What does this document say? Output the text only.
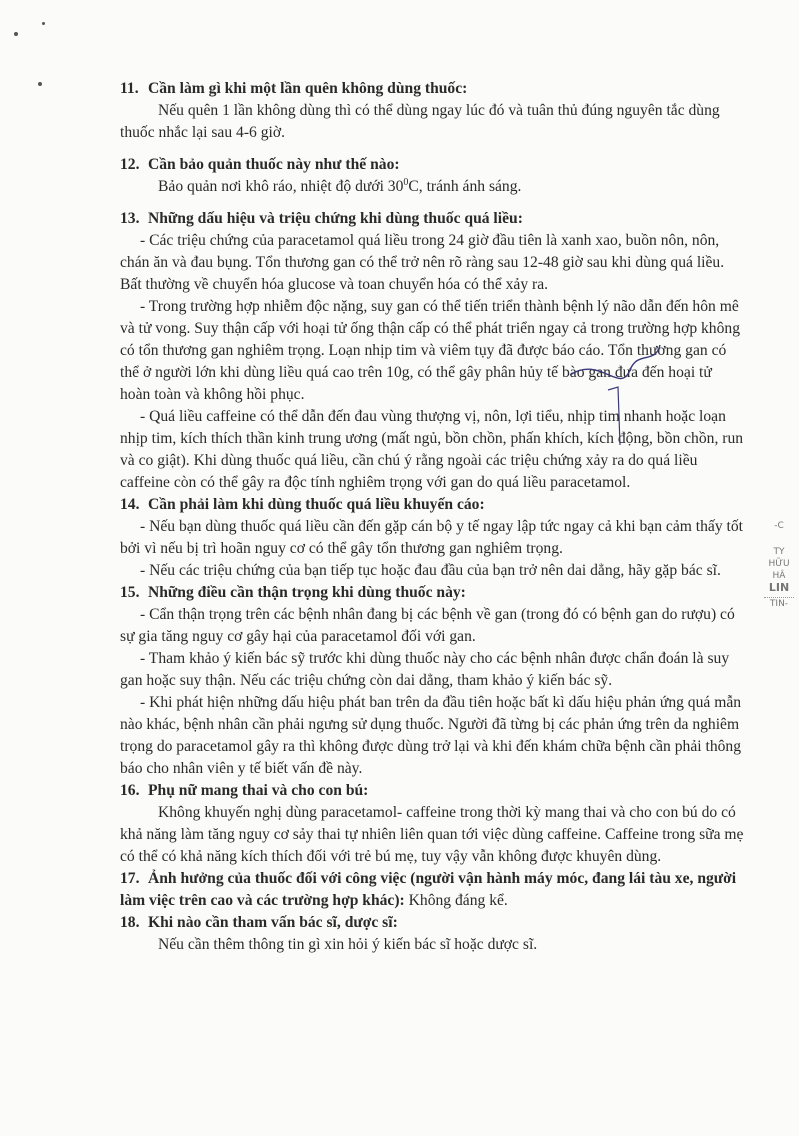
11. Cần làm gì khi một lần quên không dùng thuốc:

Nếu quên 1 lần không dùng thì có thể dùng ngay lúc đó và tuân thủ đúng nguyên tắc dùng thuốc nhắc lại sau 4-6 giờ.

12. Cần bảo quản thuốc này như thế nào:

Bảo quản nơi khô ráo, nhiệt độ dưới $30^0C$, tránh ánh sáng.

13. Những dấu hiệu và triệu chứng khi dùng thuốc quá liều:

- Các triệu chứng của paracetamol quá liều trong 24 giờ đầu tiên là xanh xao, buồn nôn, nôn, chán ăn và đau bụng. Tổn thương gan có thể trở nên rõ ràng sau 12-48 giờ sau khi dùng quá liều. Bất thường về chuyển hóa glucose và toan chuyển hóa có thể xảy ra.

- Trong trường hợp nhiễm độc nặng, suy gan có thể tiến triển thành bệnh lý não dẫn đến hôn mê và tử vong. Suy thận cấp với hoại tử ống thận cấp có thể phát triển ngay cả trong trường hợp không có tổn thương gan nghiêm trọng. Loạn nhịp tim và viêm tụy đã được báo cáo. Tổn thương gan có thể ở người lớn khi dùng liều quá cao trên 10g, có thể gây phân hủy tế bào gan đưa đến hoại tử hoàn toàn và không hồi phục.

- Quá liều caffeine có thể dẫn đến đau vùng thượng vị, nôn, lợi tiểu, nhịp tim nhanh hoặc loạn nhịp tim, kích thích thần kinh trung ương (mất ngủ, bồn chồn, phấn khích, kích động, bồn chồn, run và co giật). Khi dùng thuốc quá liều, cần chú ý rằng ngoài các triệu chứng xảy ra do quá liều caffeine còn có thể gây ra độc tính nghiêm trọng với gan do quá liều paracetamol.

14. Cần phải làm khi dùng thuốc quá liều khuyến cáo:

- Nếu bạn dùng thuốc quá liều cần đến gặp cán bộ y tế ngay lập tức ngay cả khi bạn cảm thấy tốt bởi vì nếu bị trì hoãn nguy cơ có thể gây tổn thương gan nghiêm trọng.

- Nếu các triệu chứng của bạn tiếp tục hoặc đau đầu của bạn trở nên dai dẳng, hãy gặp bác sĩ.

15. Những điều cần thận trọng khi dùng thuốc này:

- Cẩn thận trọng trên các bệnh nhân đang bị các bệnh về gan (trong đó có bệnh gan do rượu) có sự gia tăng nguy cơ gây hại của paracetamol đối với gan.

- Tham khảo ý kiến bác sỹ trước khi dùng thuốc này cho các bệnh nhân được chẩn đoán là suy gan hoặc suy thận. Nếu các triệu chứng còn dai dẳng, tham khảo ý kiến bác sỹ.

- Khi phát hiện những dấu hiệu phát ban trên da đầu tiên hoặc bất kì dấu hiệu phản ứng quá mẫn nào khác, bệnh nhân cần phải ngưng sử dụng thuốc. Người đã từng bị các phản ứng trên da nghiêm trọng do paracetamol gây ra thì không được dùng trở lại và khi đến khám chữa bệnh cần phải thông báo cho nhân viên y tế biết vấn đề này.

16. Phụ nữ mang thai và cho con bú:

Không khuyến nghị dùng paracetamol- caffeine trong thời kỳ mang thai và cho con bú do có khả năng làm tăng nguy cơ sảy thai tự nhiên liên quan tới việc dùng caffeine. Caffeine trong sữa mẹ có thể có khả năng kích thích đối với trẻ bú mẹ, tuy vậy vẫn không được khuyên dùng.

17. Ảnh hưởng của thuốc đối với công việc (người vận hành máy móc, đang lái tàu xe, người làm việc trên cao và các trường hợp khác): Không đáng kể.
18. Khi nào cần tham vấn bác sĩ, dược sĩ:

Nếu cần thêm thông tin gì xin hỏi ý kiến bác sĩ hoặc dược sĩ.

-C
TY
HỮU
HÂ
LIN
TIN-
